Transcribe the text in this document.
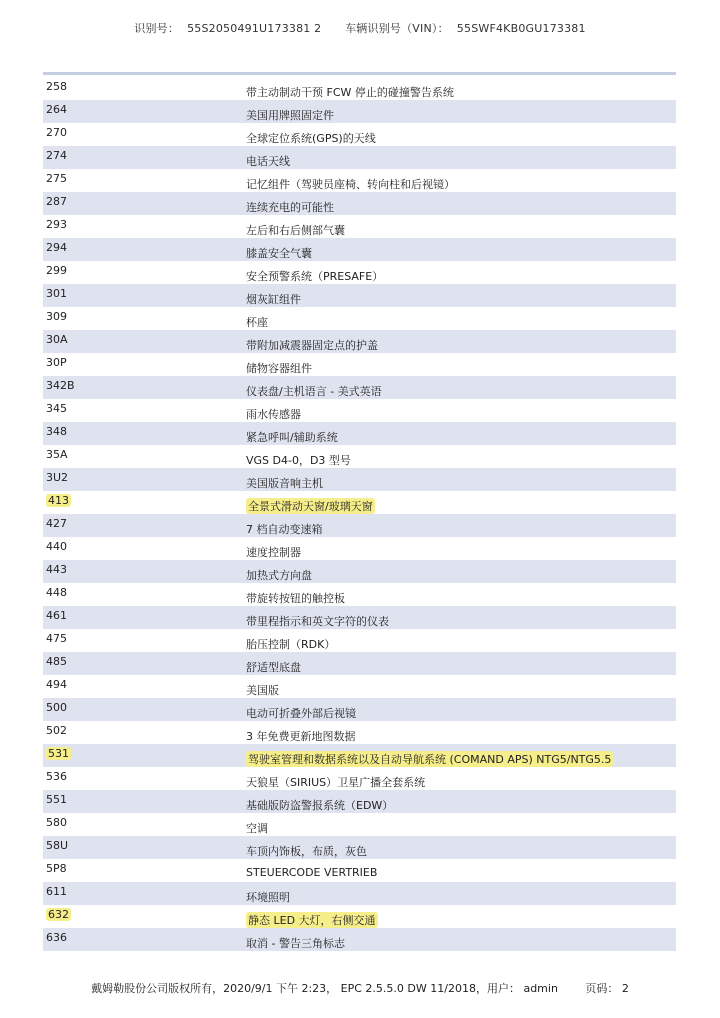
识别号： 55S2050491U173381 2 车辆识别号（VIN）： 55SWF4KB0GU173381
258	带主动制动干预 FCW 停止的碰撞警告系统
264	美国用牌照固定件
270	全球定位系统(GPS)的天线
274	电话天线
275	记忆组件（驾驶员座椅、转向柱和后视镜）
287	连续充电的可能性
293	左后和右后侧部气囊
294	膝盖安全气囊
299	安全预警系统（PRESAFE）
301	烟灰缸组件
309	杯座
30A	带附加减震器固定点的护盖
30P	储物容器组件
342B	仪表盘/主机语言 - 美式英语
345	雨水传感器
348	紧急呼叫/辅助系统
35A	VGS D4-0，D3 型号
3U2	美国版音响主机
413	全景式滑动天窗/玻璃天窗
427	7 档自动变速箱
440	速度控制器
443	加热式方向盘
448	带旋转按钮的触控板
461	带里程指示和英文字符的仪表
475	胎压控制（RDK）
485	舒适型底盘
494	美国版
500	电动可折叠外部后视镜
502	3 年免费更新地图数据
531	驾驶室管理和数据系统以及自动导航系统 (COMAND APS) NTG5/NTG5.5
536	天狼星（SIRIUS）卫星广播全套系统
551	基础版防盗警报系统（EDW）
580	空调
58U	车顶内饰板，布质，灰色
5P8	STEUERCODE VERTRIEB
611	环境照明
632	静态 LED 大灯，右侧交通
636	取消 - 警告三角标志
戴姆勒股份公司版权所有，2020/9/1 下午 2:23， EPC 2.5.5.0 DW 11/2018，用户： admin	页码： 2
